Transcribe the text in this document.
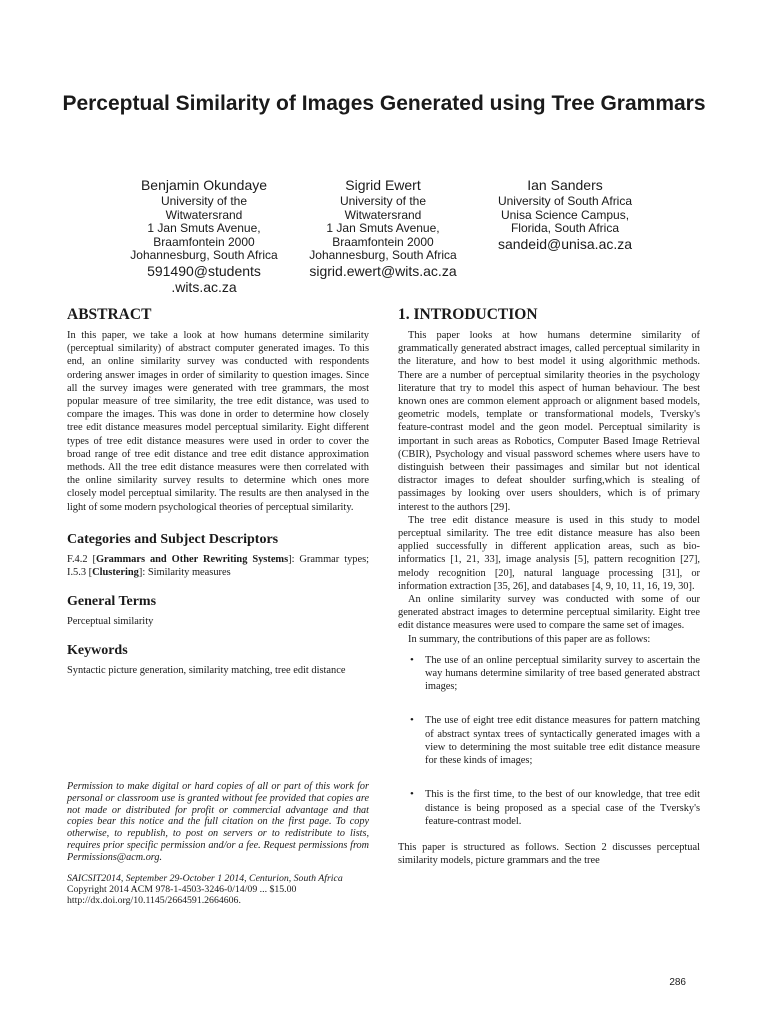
Perceptual Similarity of Images Generated using Tree Grammars
Benjamin Okundaye
University of the
Witwatersrand
1 Jan Smuts Avenue,
Braamfontein 2000
Johannesburg, South Africa
591490@students
.wits.ac.za
Sigrid Ewert
University of the
Witwatersrand
1 Jan Smuts Avenue,
Braamfontein 2000
Johannesburg, South Africa
sigrid.ewert@wits.ac.za
Ian Sanders
University of South Africa
Unisa Science Campus,
Florida, South Africa
sandeid@unisa.ac.za
ABSTRACT
In this paper, we take a look at how humans determine similarity (perceptual similarity) of abstract computer generated images. To this end, an online similarity survey was conducted with respondents ordering answer images in order of similarity to question images. Since all the survey images were generated with tree grammars, the most popular measure of tree similarity, the tree edit distance, was used to compare the images. This was done in order to determine how closely tree edit distance measures model perceptual similarity. Eight different types of tree edit distance measures were used in order to cover the broad range of tree edit distance and tree edit distance approximation methods. All the tree edit distance measures were then correlated with the online similarity survey results to determine which ones more closely model perceptual similarity. The results are then analysed in the light of some modern psychological theories of perceptual similarity.
Categories and Subject Descriptors
F.4.2 [Grammars and Other Rewriting Systems]: Grammar types; I.5.3 [Clustering]: Similarity measures
General Terms
Perceptual similarity
Keywords
Syntactic picture generation, similarity matching, tree edit distance
Permission to make digital or hard copies of all or part of this work for personal or classroom use is granted without fee provided that copies are not made or distributed for profit or commercial advantage and that copies bear this notice and the full citation on the first page. To copy otherwise, to republish, to post on servers or to redistribute to lists, requires prior specific permission and/or a fee. Request permissions from Permissions@acm.org.
SAICSIT2014, September 29-October 1 2014, Centurion, South Africa
Copyright 2014 ACM 978-1-4503-3246-0/14/09 ... $15.00
http://dx.doi.org/10.1145/2664591.2664606.
1. INTRODUCTION

This paper looks at how humans determine similarity of grammatically generated abstract images, called perceptual similarity in the literature, and how to best model it using algorithmic methods. There are a number of perceptual similarity theories in the psychology literature that try to model this aspect of human behaviour. The best known ones are common element approach or alignment based models, geometric models, template or transformational models, Tversky's feature-contrast model and the geon model. Perceptual similarity is important in such areas as Robotics, Computer Based Image Retrieval (CBIR), Psychology and visual password schemes where users have to distinguish between their passimages and similar but not identical distractor images to defeat shoulder surfing,which is stealing of passimages by looking over users shoulders, which is of primary interest to the authors [29].

The tree edit distance measure is used in this study to model perceptual similarity. The tree edit distance measure has also been applied successfully in different application areas, such as bio-informatics [1, 21, 33], image analysis [5], pattern recognition [27], melody recognition [20], natural language processing [31], or information extraction [35, 26], and databases [4, 9, 10, 11, 16, 19, 30].

An online similarity survey was conducted with some of our generated abstract images to determine perceptual similarity. Eight tree edit distance measures were used to compare the same set of images.

In summary, the contributions of this paper are as follows:

• The use of an online perceptual similarity survey to ascertain the way humans determine similarity of tree based generated abstract images;
• The use of eight tree edit distance measures for pattern matching of abstract syntax trees of syntactically generated images with a view to determining the most suitable tree edit distance measure for these kinds of images;
• This is the first time, to the best of our knowledge, that tree edit distance is being proposed as a special case of the Tversky's feature-contrast model.
This paper is structured as follows. Section 2 discusses perceptual similarity models, picture grammars and the tree
286
